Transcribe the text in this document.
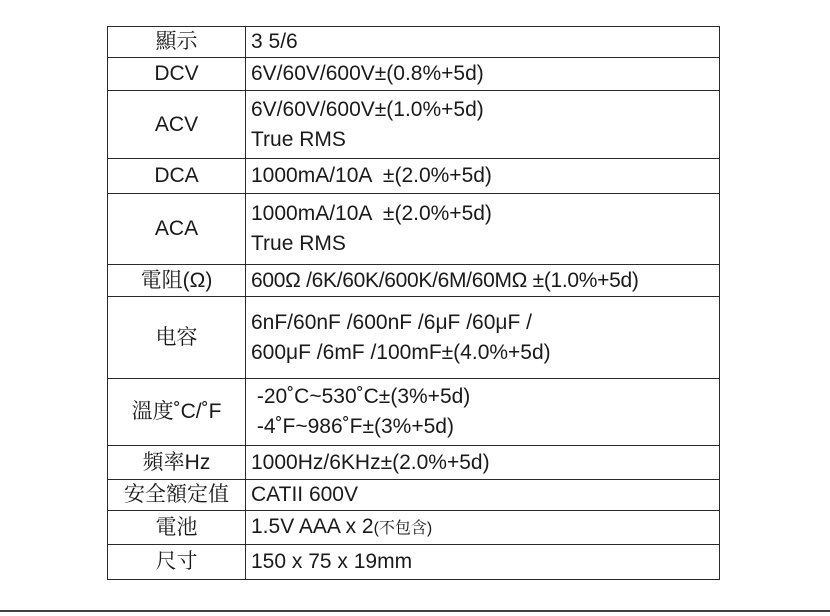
顯示	3 5/6

DCV	6V/60V/600V±(0.8%+5d)

ACV	6V/60V/600V±(1.0%+5d)
True RMS

DCA	1000mA/10A  ±(2.0%+5d)

ACA	1000mA/10A  ±(2.0%+5d)
True RMS

電阻(Ω)	600Ω /6K/60K/600K/6M/60MΩ ±(1.0%+5d)

电容	6nF/60nF /600nF /6μF /60μF /
600μF /6mF /100mF±(4.0%+5d)

溫度˚C/˚F	-20˚C~530˚C±(3%+5d)
-4˚F~986˚F±(3%+5d)

頻率Hz	1000Hz/6KHz±(2.0%+5d)

安全額定值	CATII 600V

電池	1.5V AAA x 2(不包含)

尺寸	150 x 75 x 19mm
